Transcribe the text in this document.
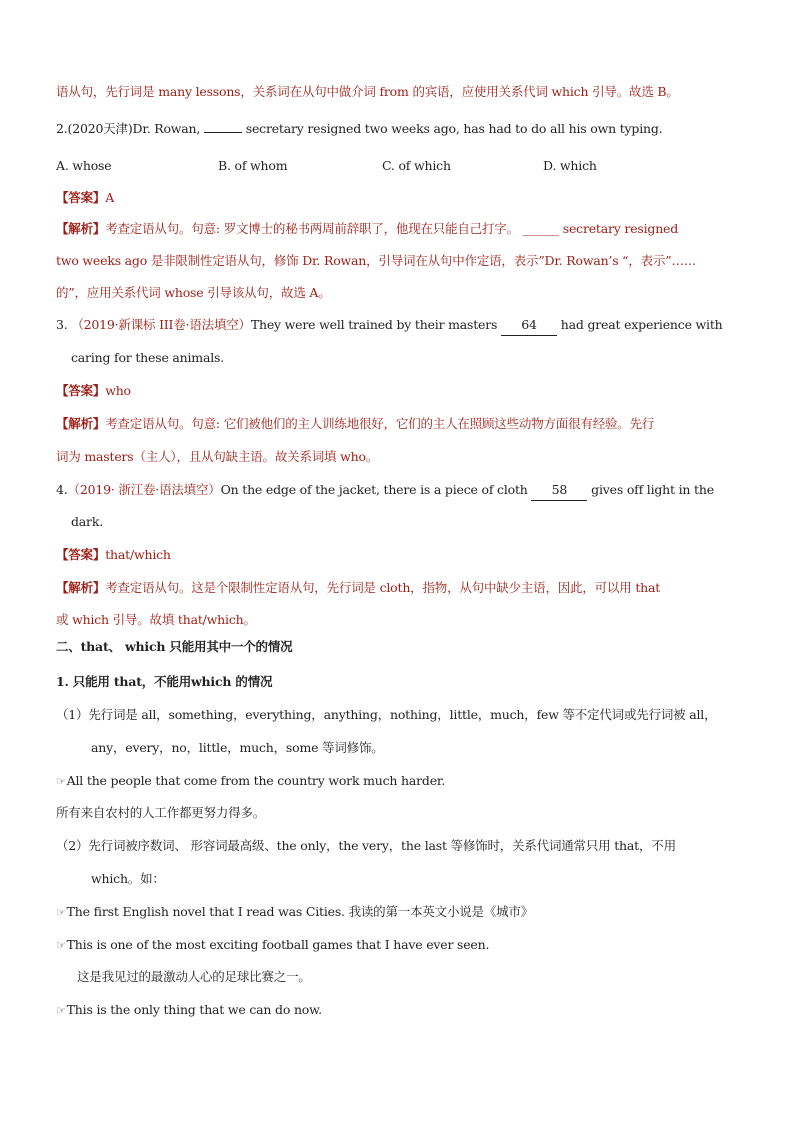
语从句，先行词是 many lessons，关系词在从句中做介词 from 的宾语，应使用关系代词 which 引导。故选 B。
2.(2020天津)Dr. Rowan,	secretary resigned two weeks ago, has had to do all his own typing.
A. whose	B. of whom	C. of which	D. which
【答案】A
【解析】考查定语从句。句意: 罗文博士的秘书两周前辞职了，他现在只能自己打字。 ______ secretary resigned
two weeks ago 是非限制性定语从句，修饰 Dr. Rowan，引导词在从句中作定语，表示”Dr. Rowan’s “，表示”……
的”，应用关系代词 whose 引导该从句，故选 A。
3. （2019·新课标 III卷·语法填空）They were well trained by their masters 64 had great experience with
caring for these animals.
【答案】who
【解析】考查定语从句。句意: 它们被他们的主人训练地很好，它们的主人在照顾这些动物方面很有经验。先行
词为 masters（主人），且从句缺主语。故关系词填 who。
4.（2019· 浙江卷·语法填空）On the edge of the jacket, there is a piece of cloth 58 gives off light in the
dark.
【答案】that/which
【解析】考查定语从句。这是个限制性定语从句，先行词是 cloth，指物，从句中缺少主语，因此，可以用 that
或 which 引导。故填 that/which。
二、that、 which 只能用其中一个的情况
1. 只能用 that，不能用which 的情况
（1）先行词是 all，something，everything，anything，nothing，little，much，few 等不定代词或先行词被 all，
any，every，no，little，much，some 等词修饰。
☞All the people that come from the country work much harder.
所有来自农村的人工作都更努力得多。
（2）先行词被序数词、 形容词最高级、the only，the very，the last 等修饰时，关系代词通常只用 that，不用
which。如：
☞The first English novel that I read was Cities. 我读的第一本英文小说是《城市》
☞This is one of the most exciting football games that I have ever seen.
这是我见过的最激动人心的足球比赛之一。
☞This is the only thing that we can do now.
